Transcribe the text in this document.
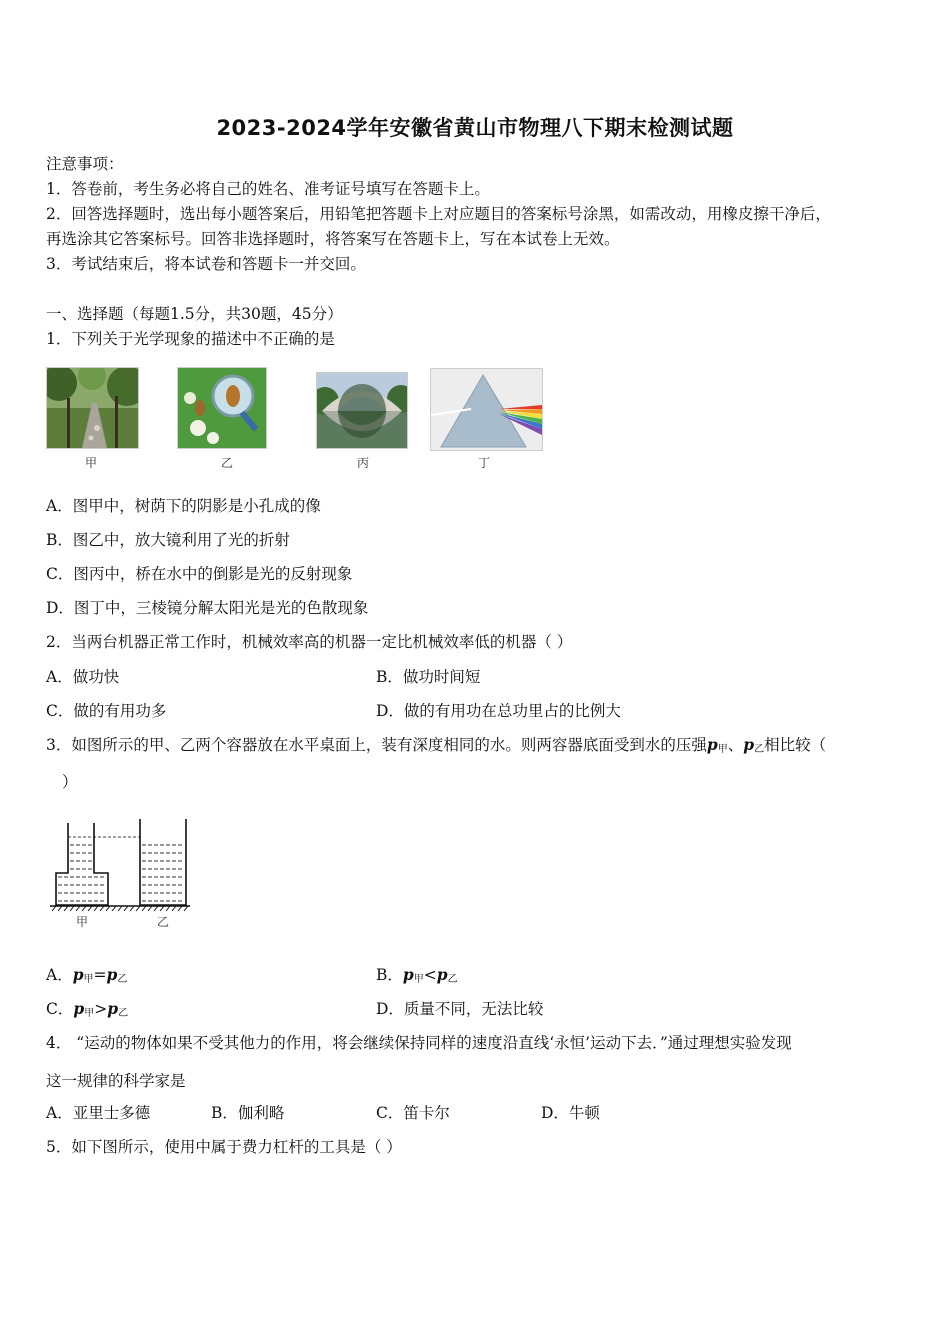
2023-2024学年安徽省黄山市物理八下期末检测试题
注意事项：
1．答卷前，考生务必将自己的姓名、准考证号填写在答题卡上。
2．回答选择题时，选出每小题答案后，用铅笔把答题卡上对应题目的答案标号涂黑，如需改动，用橡皮擦干净后，
再选涂其它答案标号。回答非选择题时，将答案写在答题卡上，写在本试卷上无效。
3．考试结束后，将本试卷和答题卡一并交回。
一、选择题（每题1.5分，共30题，45分）
1．下列关于光学现象的描述中不正确的是
甲	乙	丙	丁
A．图甲中，树荫下的阴影是小孔成的像
B．图乙中，放大镜利用了光的折射
C．图丙中，桥在水中的倒影是光的反射现象
D．图丁中，三棱镜分解太阳光是光的色散现象
2．当两台机器正常工作时，机械效率高的机器一定比机械效率低的机器（ ）
A．做功快	B．做功时间短
C．做的有用功多	D．做的有用功在总功里占的比例大
3．如图所示的甲、乙两个容器放在水平桌面上，装有深度相同的水。则两容器底面受到水的压强p甲、p乙相比较（
）
甲	乙
A．p甲=p乙	B．p甲<p乙
C．p甲>p乙	D．质量不同，无法比较
4． “运动的物体如果不受其他力的作用，将会继续保持同样的速度沿直线‘永恒’运动下去．”通过理想实验发现
这一规律的科学家是
A．亚里士多德	B．伽利略	C．笛卡尔	D．牛顿
5．如下图所示，使用中属于费力杠杆的工具是（ ）
